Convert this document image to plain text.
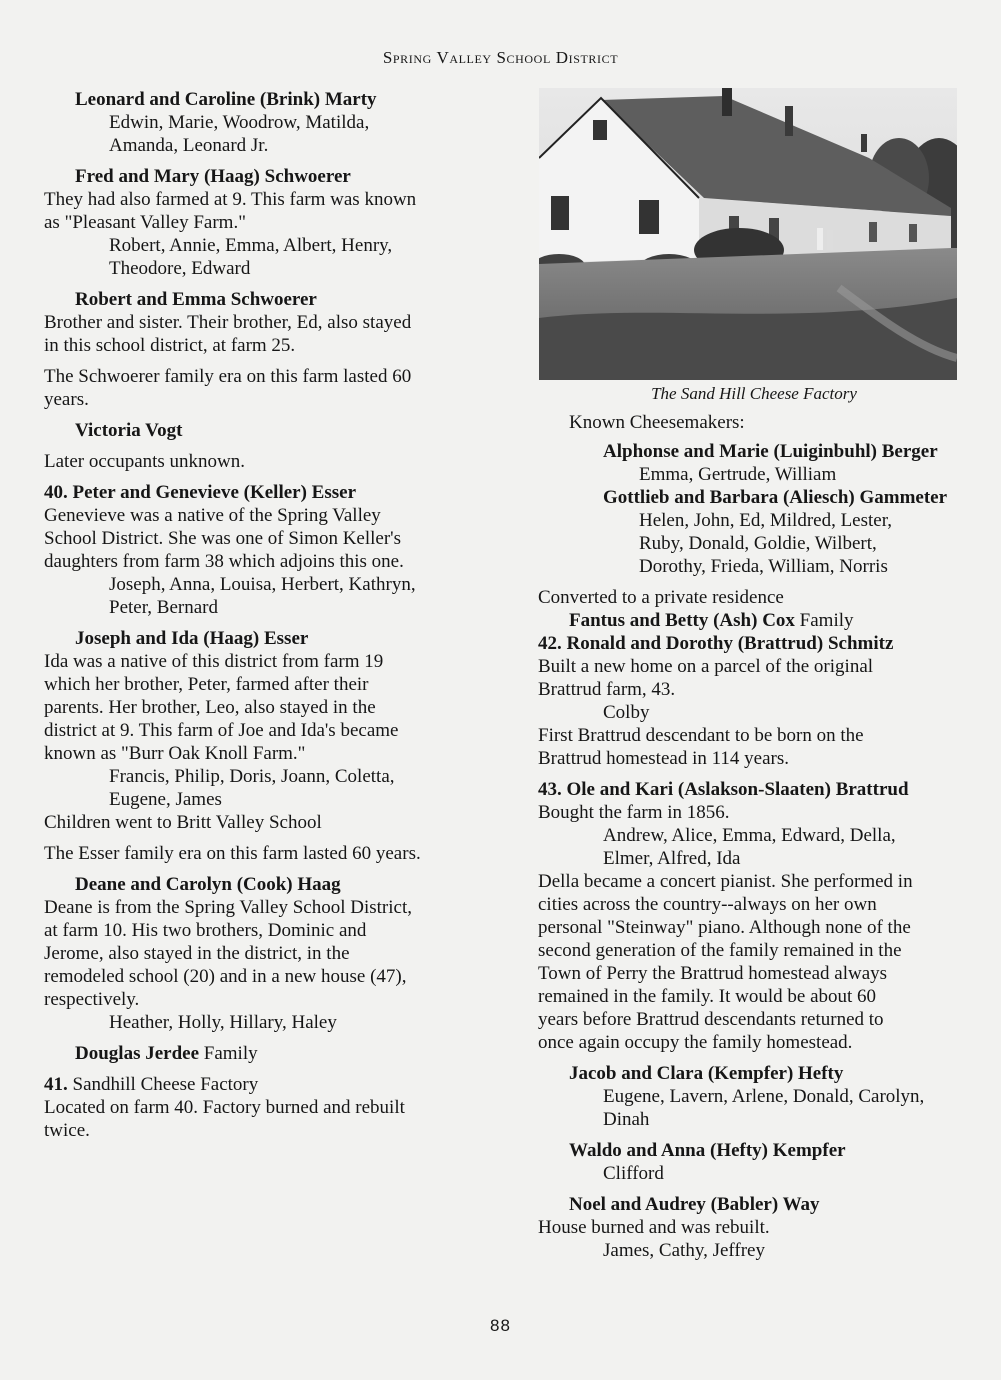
Spring Valley School District
Leonard and Caroline (Brink) Marty
Edwin, Marie, Woodrow, Matilda,
Amanda, Leonard Jr.
Fred and Mary (Haag) Schwoerer
They had also farmed at 9. This farm was known
as "Pleasant Valley Farm."
Robert, Annie, Emma, Albert, Henry,
Theodore, Edward
Robert and Emma Schwoerer
Brother and sister. Their brother, Ed, also stayed
in this school district, at farm 25.
The Schwoerer family era on this farm lasted 60
years.
Victoria Vogt
Later occupants unknown.
40. Peter and Genevieve (Keller) Esser
Genevieve was a native of the Spring Valley
School District. She was one of Simon Keller's
daughters from farm 38 which adjoins this one.
Joseph, Anna, Louisa, Herbert, Kathryn,
Peter, Bernard
Joseph and Ida (Haag) Esser
Ida was a native of this district from farm 19
which her brother, Peter, farmed after their
parents. Her brother, Leo, also stayed in the
district at 9. This farm of Joe and Ida's became
known as "Burr Oak Knoll Farm."
Francis, Philip, Doris, Joann, Coletta,
Eugene, James
Children went to Britt Valley School
The Esser family era on this farm lasted 60 years.
Deane and Carolyn (Cook) Haag
Deane is from the Spring Valley School District,
at farm 10. His two brothers, Dominic and
Jerome, also stayed in the district, in the
remodeled school (20) and in a new house (47),
respectively.
Heather, Holly, Hillary, Haley
Douglas Jerdee Family
41. Sandhill Cheese Factory
Located on farm 40. Factory burned and rebuilt
twice.
The Sand Hill Cheese Factory
Known Cheesemakers:
Alphonse and Marie (Luiginbuhl) Berger
Emma, Gertrude, William
Gottlieb and Barbara (Aliesch) Gammeter
Helen, John, Ed, Mildred, Lester,
Ruby, Donald, Goldie, Wilbert,
Dorothy, Frieda, William, Norris
Converted to a private residence
Fantus and Betty (Ash) Cox Family
42. Ronald and Dorothy (Brattrud) Schmitz
Built a new home on a parcel of the original
Brattrud farm, 43.
Colby
First Brattrud descendant to be born on the
Brattrud homestead in 114 years.
43. Ole and Kari (Aslakson-Slaaten) Brattrud
Bought the farm in 1856.
Andrew, Alice, Emma, Edward, Della,
Elmer, Alfred, Ida
Della became a concert pianist. She performed in
cities across the country--always on her own
personal "Steinway" piano. Although none of the
second generation of the family remained in the
Town of Perry the Brattrud homestead always
remained in the family. It would be about 60
years before Brattrud descendants returned to
once again occupy the family homestead.
Jacob and Clara (Kempfer) Hefty
Eugene, Lavern, Arlene, Donald, Carolyn,
Dinah
Waldo and Anna (Hefty) Kempfer
Clifford
Noel and Audrey (Babler) Way
House burned and was rebuilt.
James, Cathy, Jeffrey
88
